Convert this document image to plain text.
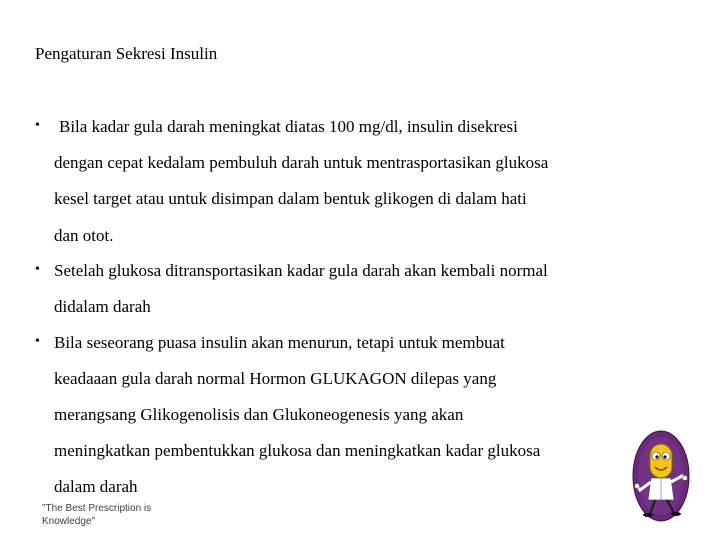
Pengaturan Sekresi Insulin
• Bila kadar gula darah meningkat diatas 100 mg/dl, insulin disekresi
dengan cepat kedalam pembuluh darah untuk mentrasportasikan glukosa
kesel target atau untuk disimpan dalam bentuk glikogen di dalam hati
dan otot.
• Setelah glukosa ditransportasikan kadar gula darah akan kembali normal
didalam darah
• Bila seseorang puasa insulin akan menurun, tetapi untuk membuat
keadaaan gula darah normal Hormon GLUKAGON dilepas yang
merangsang Glikogenolisis dan Glukoneogenesis yang akan
meningkatkan pembentukkan glukosa dan meningkatkan kadar glukosa
dalam darah
"The Best Prescription is
Knowledge"
